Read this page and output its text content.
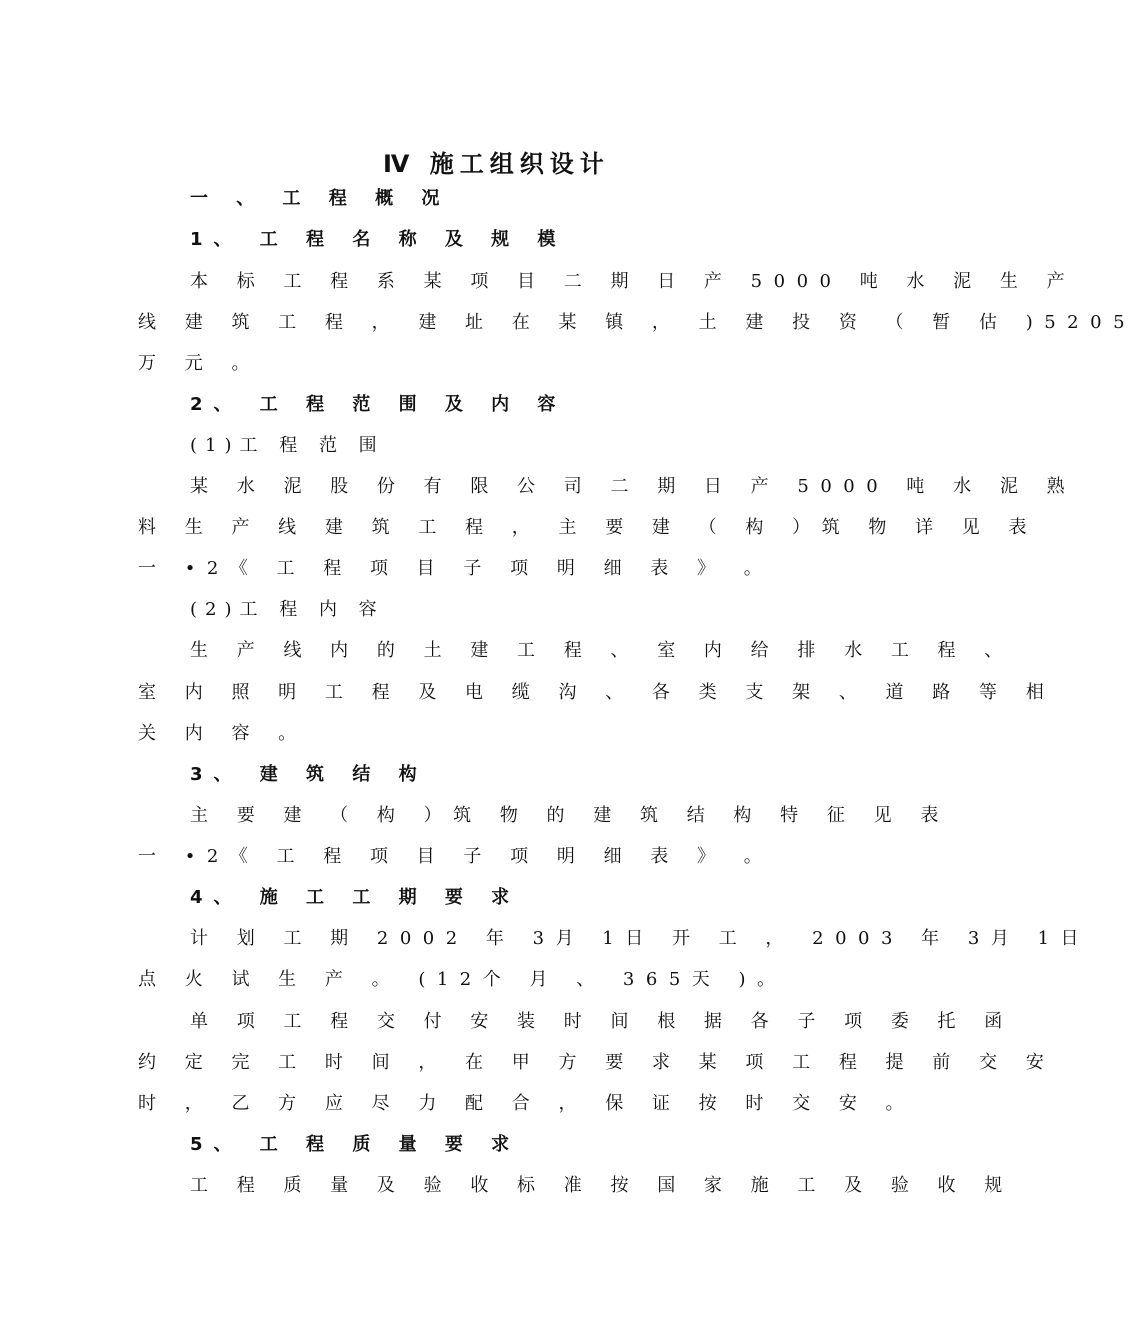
Ⅳ 施工组织设计
一 、 工 程 概 况
1、 工 程 名 称 及 规 模
本 标 工 程 系 某 项 目 二 期 日 产 5000 吨 水 泥 生 产
线 建 筑 工 程 ， 建 址 在 某 镇 ， 土 建 投 资 （ 暂 估 )5205
万 元 。
2、 工 程 范 围 及 内 容
(1)工 程 范 围
某 水 泥 股 份 有 限 公 司 二 期 日 产 5000 吨 水 泥 熟
料 生 产 线 建 筑 工 程 ， 主 要 建 （ 构 ）筑 物 详 见 表
一 •2《 工 程 项 目 子 项 明 细 表 》 。
(2)工 程 内 容
生 产 线 内 的 土 建 工 程 、 室 内 给 排 水 工 程 、
室 内 照 明 工 程 及 电 缆 沟 、 各 类 支 架 、 道 路 等 相
关 内 容 。
3、 建 筑 结 构
主 要 建 （ 构 ）筑 物 的 建 筑 结 构 特 征 见 表
一 •2《 工 程 项 目 子 项 明 细 表 》 。
4、 施 工 工 期 要 求
计 划 工 期 2002 年 3月 1日 开 工 ， 2003 年 3月 1日
点 火 试 生 产 。 (12个 月 、 365天 )。
单 项 工 程 交 付 安 装 时 间 根 据 各 子 项 委 托 函
约 定 完 工 时 间 ， 在 甲 方 要 求 某 项 工 程 提 前 交 安
时 ， 乙 方 应 尽 力 配 合 ， 保 证 按 时 交 安 。
5、 工 程 质 量 要 求
工 程 质 量 及 验 收 标 准 按 国 家 施 工 及 验 收 规
